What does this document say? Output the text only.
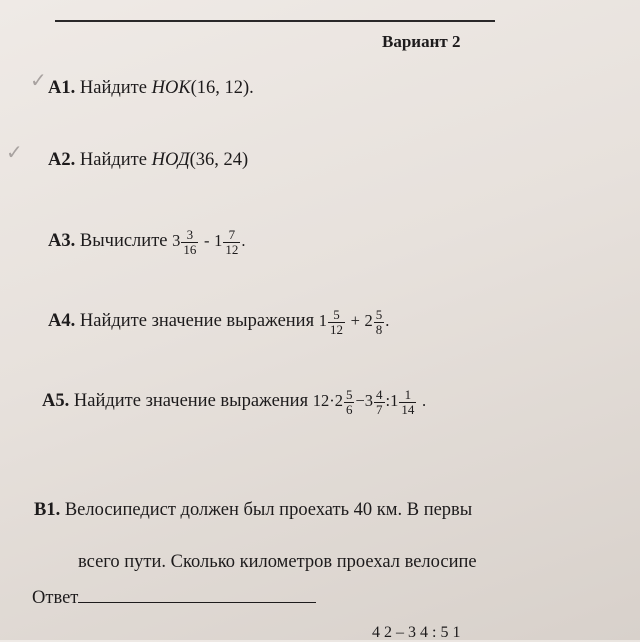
Вариант 2
✓
✓
А1. Найдите НОК(16, 12).
А2. Найдите НОД(36, 24)
А3. Вычислите $3 \frac{3}{16} - 1 \frac{7}{12}$ .
А4. Найдите значение выражения $1 \frac{5}{12} + 2 \frac{5}{8}$ .
А5. Найдите значение выражения $12\cdot 2 \frac{5}{6} -3 \frac{4}{7}$ :1 $\frac{1}{14}$ .
В1. Велосипедист должен был проехать 40 км. В первы
всего пути. Сколько километров проехал велосипе
Ответ
4 2 – 3 4 : 5 1
